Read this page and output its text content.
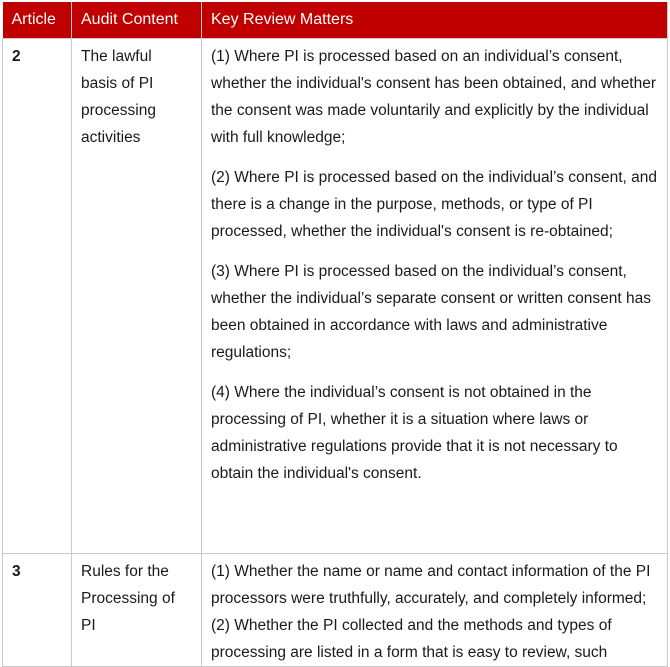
Article	Audit Content	Key Review Matters
2	The lawful basis of PI processing activities	(1) Where PI is processed based on an individual’s consent, whether the individual's consent has been obtained, and whether the consent was made voluntarily and explicitly by the individual with full knowledge;

(2) Where PI is processed based on the individual’s consent, and there is a change in the purpose, methods, or type of PI processed, whether the individual's consent is re-obtained;

(3) Where PI is processed based on the individual’s consent, whether the individual’s separate consent or written consent has been obtained in accordance with laws and administrative regulations;

(4) Where the individual’s consent is not obtained in the processing of PI, whether it is a situation where laws or administrative regulations provide that it is not necessary to obtain the individual's consent.

3	Rules for the Processing of PI	(1) Whether the name or name and contact information of the PI processors were truthfully, accurately, and completely informed;

(2) Whether the PI collected and the methods and types of processing are listed in a form that is easy to review, such
